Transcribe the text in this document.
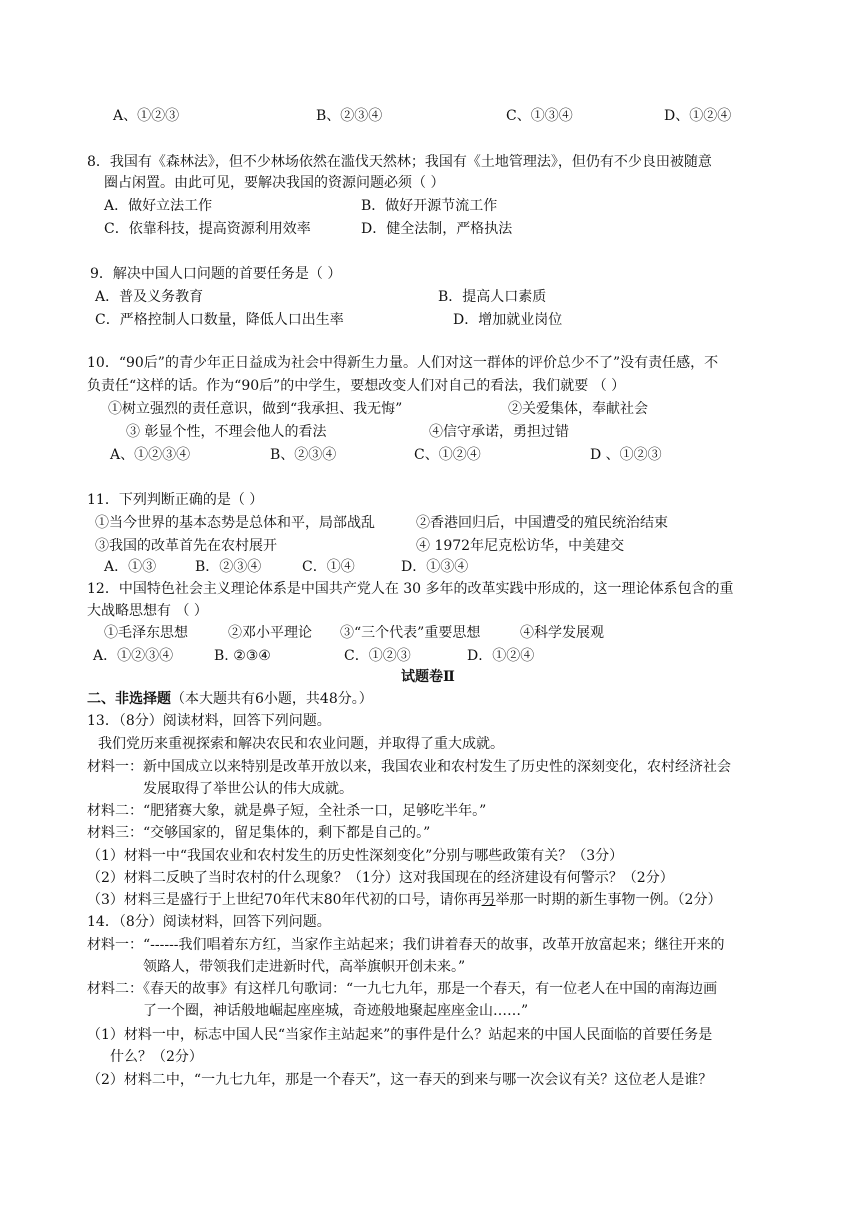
A、①②③	B、②③④	C、①③④	D、①②④
8．我国有《森林法》，但不少林场依然在滥伐天然林；我国有《土地管理法》，但仍有不少良田被随意
圈占闲置。由此可见，要解决我国的资源问题必须（ ）
A．做好立法工作	B．做好开源节流工作
C．依靠科技，提高资源利用效率	D．健全法制，严格执法
9．解决中国人口问题的首要任务是（ ）
A．普及义务教育	B．提高人口素质
C．严格控制人口数量，降低人口出生率	D．增加就业岗位
10．“90后”的青少年正日益成为社会中得新生力量。人们对这一群体的评价总少不了”没有责任感，不
负责任“这样的话。作为“90后”的中学生，要想改变人们对自己的看法，我们就要 （ ）
①树立强烈的责任意识，做到“我承担、我无悔”	②关爱集体，奉献社会
③ 彰显个性，不理会他人的看法	④信守承诺，勇担过错
A、①②③④	B、②③④	C、①②④	D 、①②③
11．下列判断正确的是（ ）
①当今世界的基本态势是总体和平，局部战乱	②香港回归后，中国遭受的殖民统治结束
③我国的改革首先在农村展开	④ 1972年尼克松访华，中美建交
A．①③	B．②③④	C．①④	D．①③④
12．中国特色社会主义理论体系是中国共产党人在 30 多年的改革实践中形成的，这一理论体系包含的重
大战略思想有 （ ）
①毛泽东思想	②邓小平理论 ③“三个代表”重要思想	④科学发展观
A．①②③④	B. ②③④	C．①②③	D．①②④
试题卷Ⅱ
二、非选择题（本大题共有6小题，共48分。）
13．（8分）阅读材料，回答下列问题。
我们党历来重视探索和解决农民和农业问题，并取得了重大成就。
材料一：新中国成立以来特别是改革开放以来，我国农业和农村发生了历史性的深刻变化，农村经济社会
发展取得了举世公认的伟大成就。
材料二：“肥猪赛大象，就是鼻子短，全社杀一口，足够吃半年。”
材料三：“交够国家的，留足集体的，剩下都是自己的。”
（1）材料一中“我国农业和农村发生的历史性深刻变化”分别与哪些政策有关？（3分）
（2）材料二反映了当时农村的什么现象？（1分）这对我国现在的经济建设有何警示？（2分）
（3）材料三是盛行于上世纪70年代末80年代初的口号，请你再另举那一时期的新生事物一例。（2分）
14．（8分）阅读材料，回答下列问题。
材料一：“------我们唱着东方红，当家作主站起来；我们讲着春天的故事，改革开放富起来；继往开来的
领路人，带领我们走进新时代，高举旗帜开创未来。”
材料二：《春天的故事》有这样几句歌词：“一九七九年，那是一个春天，有一位老人在中国的南海边画
了一个圈，神话般地崛起座座城，奇迹般地聚起座座金山……”
（1）材料一中，标志中国人民“当家作主站起来”的事件是什么？站起来的中国人民面临的首要任务是
什么？（2分）
（2）材料二中，“一九七九年，那是一个春天”，这一春天的到来与哪一次会议有关？这位老人是谁？
